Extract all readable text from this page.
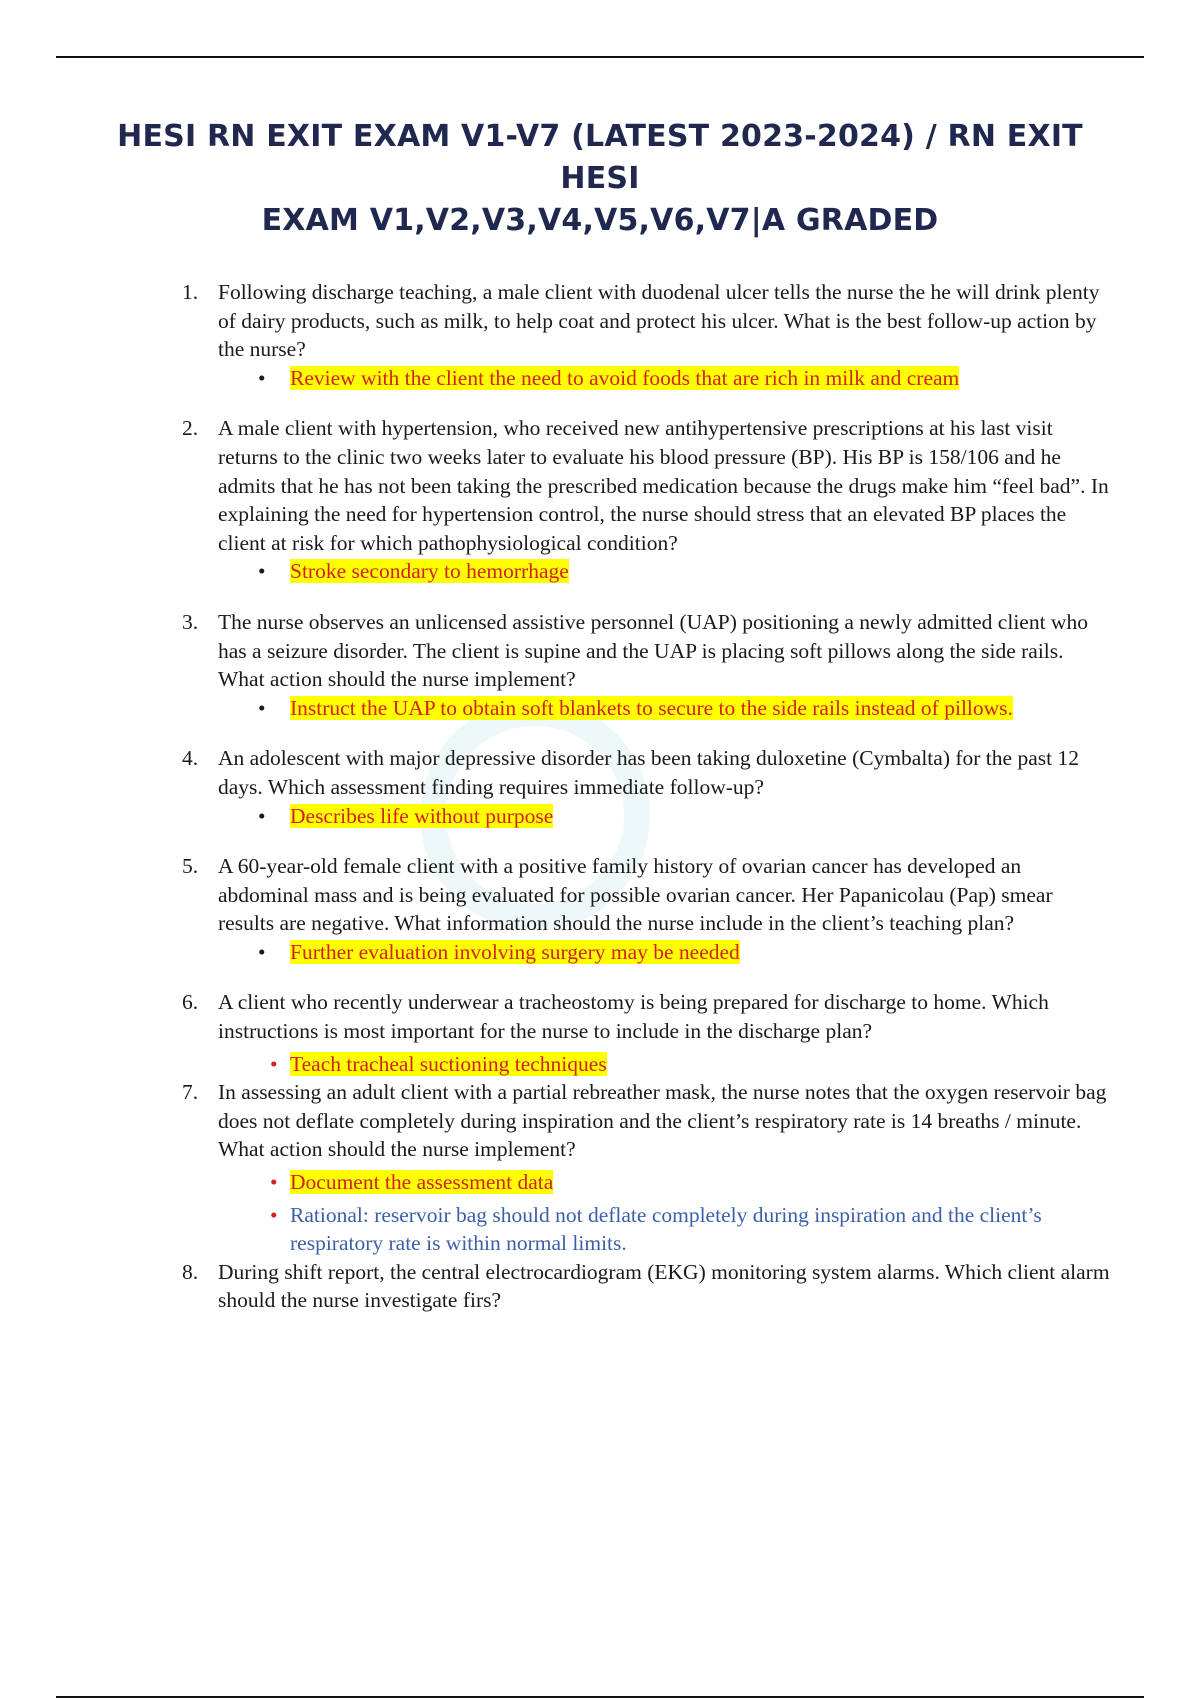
HESI RN EXIT EXAM V1-V7 (LATEST 2023-2024) / RN EXIT HESI
EXAM V1,V2,V3,V4,V5,V6,V7|A GRADED
1. Following discharge teaching, a male client with duodenal ulcer tells the nurse the he will drink plenty of dairy products, such as milk, to help coat and protect his ulcer. What is the best follow-up action by the nurse?
• Review with the client the need to avoid foods that are rich in milk and cream
2. A male client with hypertension, who received new antihypertensive prescriptions at his last visit returns to the clinic two weeks later to evaluate his blood pressure (BP). His BP is 158/106 and he admits that he has not been taking the prescribed medication because the drugs make him “feel bad”. In explaining the need for hypertension control, the nurse should stress that an elevated BP places the client at risk for which pathophysiological condition?
• Stroke secondary to hemorrhage
3. The nurse observes an unlicensed assistive personnel (UAP) positioning a newly admitted client who has a seizure disorder. The client is supine and the UAP is placing soft pillows along the side rails. What action should the nurse implement?
• Instruct the UAP to obtain soft blankets to secure to the side rails instead of pillows.
4. An adolescent with major depressive disorder has been taking duloxetine (Cymbalta) for the past 12 days. Which assessment finding requires immediate follow-up?
• Describes life without purpose
5. A 60-year-old female client with a positive family history of ovarian cancer has developed an abdominal mass and is being evaluated for possible ovarian cancer. Her Papanicolau (Pap) smear results are negative. What information should the nurse include in the client’s teaching plan?
• Further evaluation involving surgery may be needed
6. A client who recently underwear a tracheostomy is being prepared for discharge to home. Which instructions is most important for the nurse to include in the discharge plan?
• Teach tracheal suctioning techniques
7. In assessing an adult client with a partial rebreather mask, the nurse notes that the oxygen reservoir bag does not deflate completely during inspiration and the client’s respiratory rate is 14 breaths / minute. What action should the nurse implement?
• Document the assessment data
• Rational: reservoir bag should not deflate completely during inspiration and the client’s respiratory rate is within normal limits.
8. During shift report, the central electrocardiogram (EKG) monitoring system alarms. Which client alarm should the nurse investigate firs?
